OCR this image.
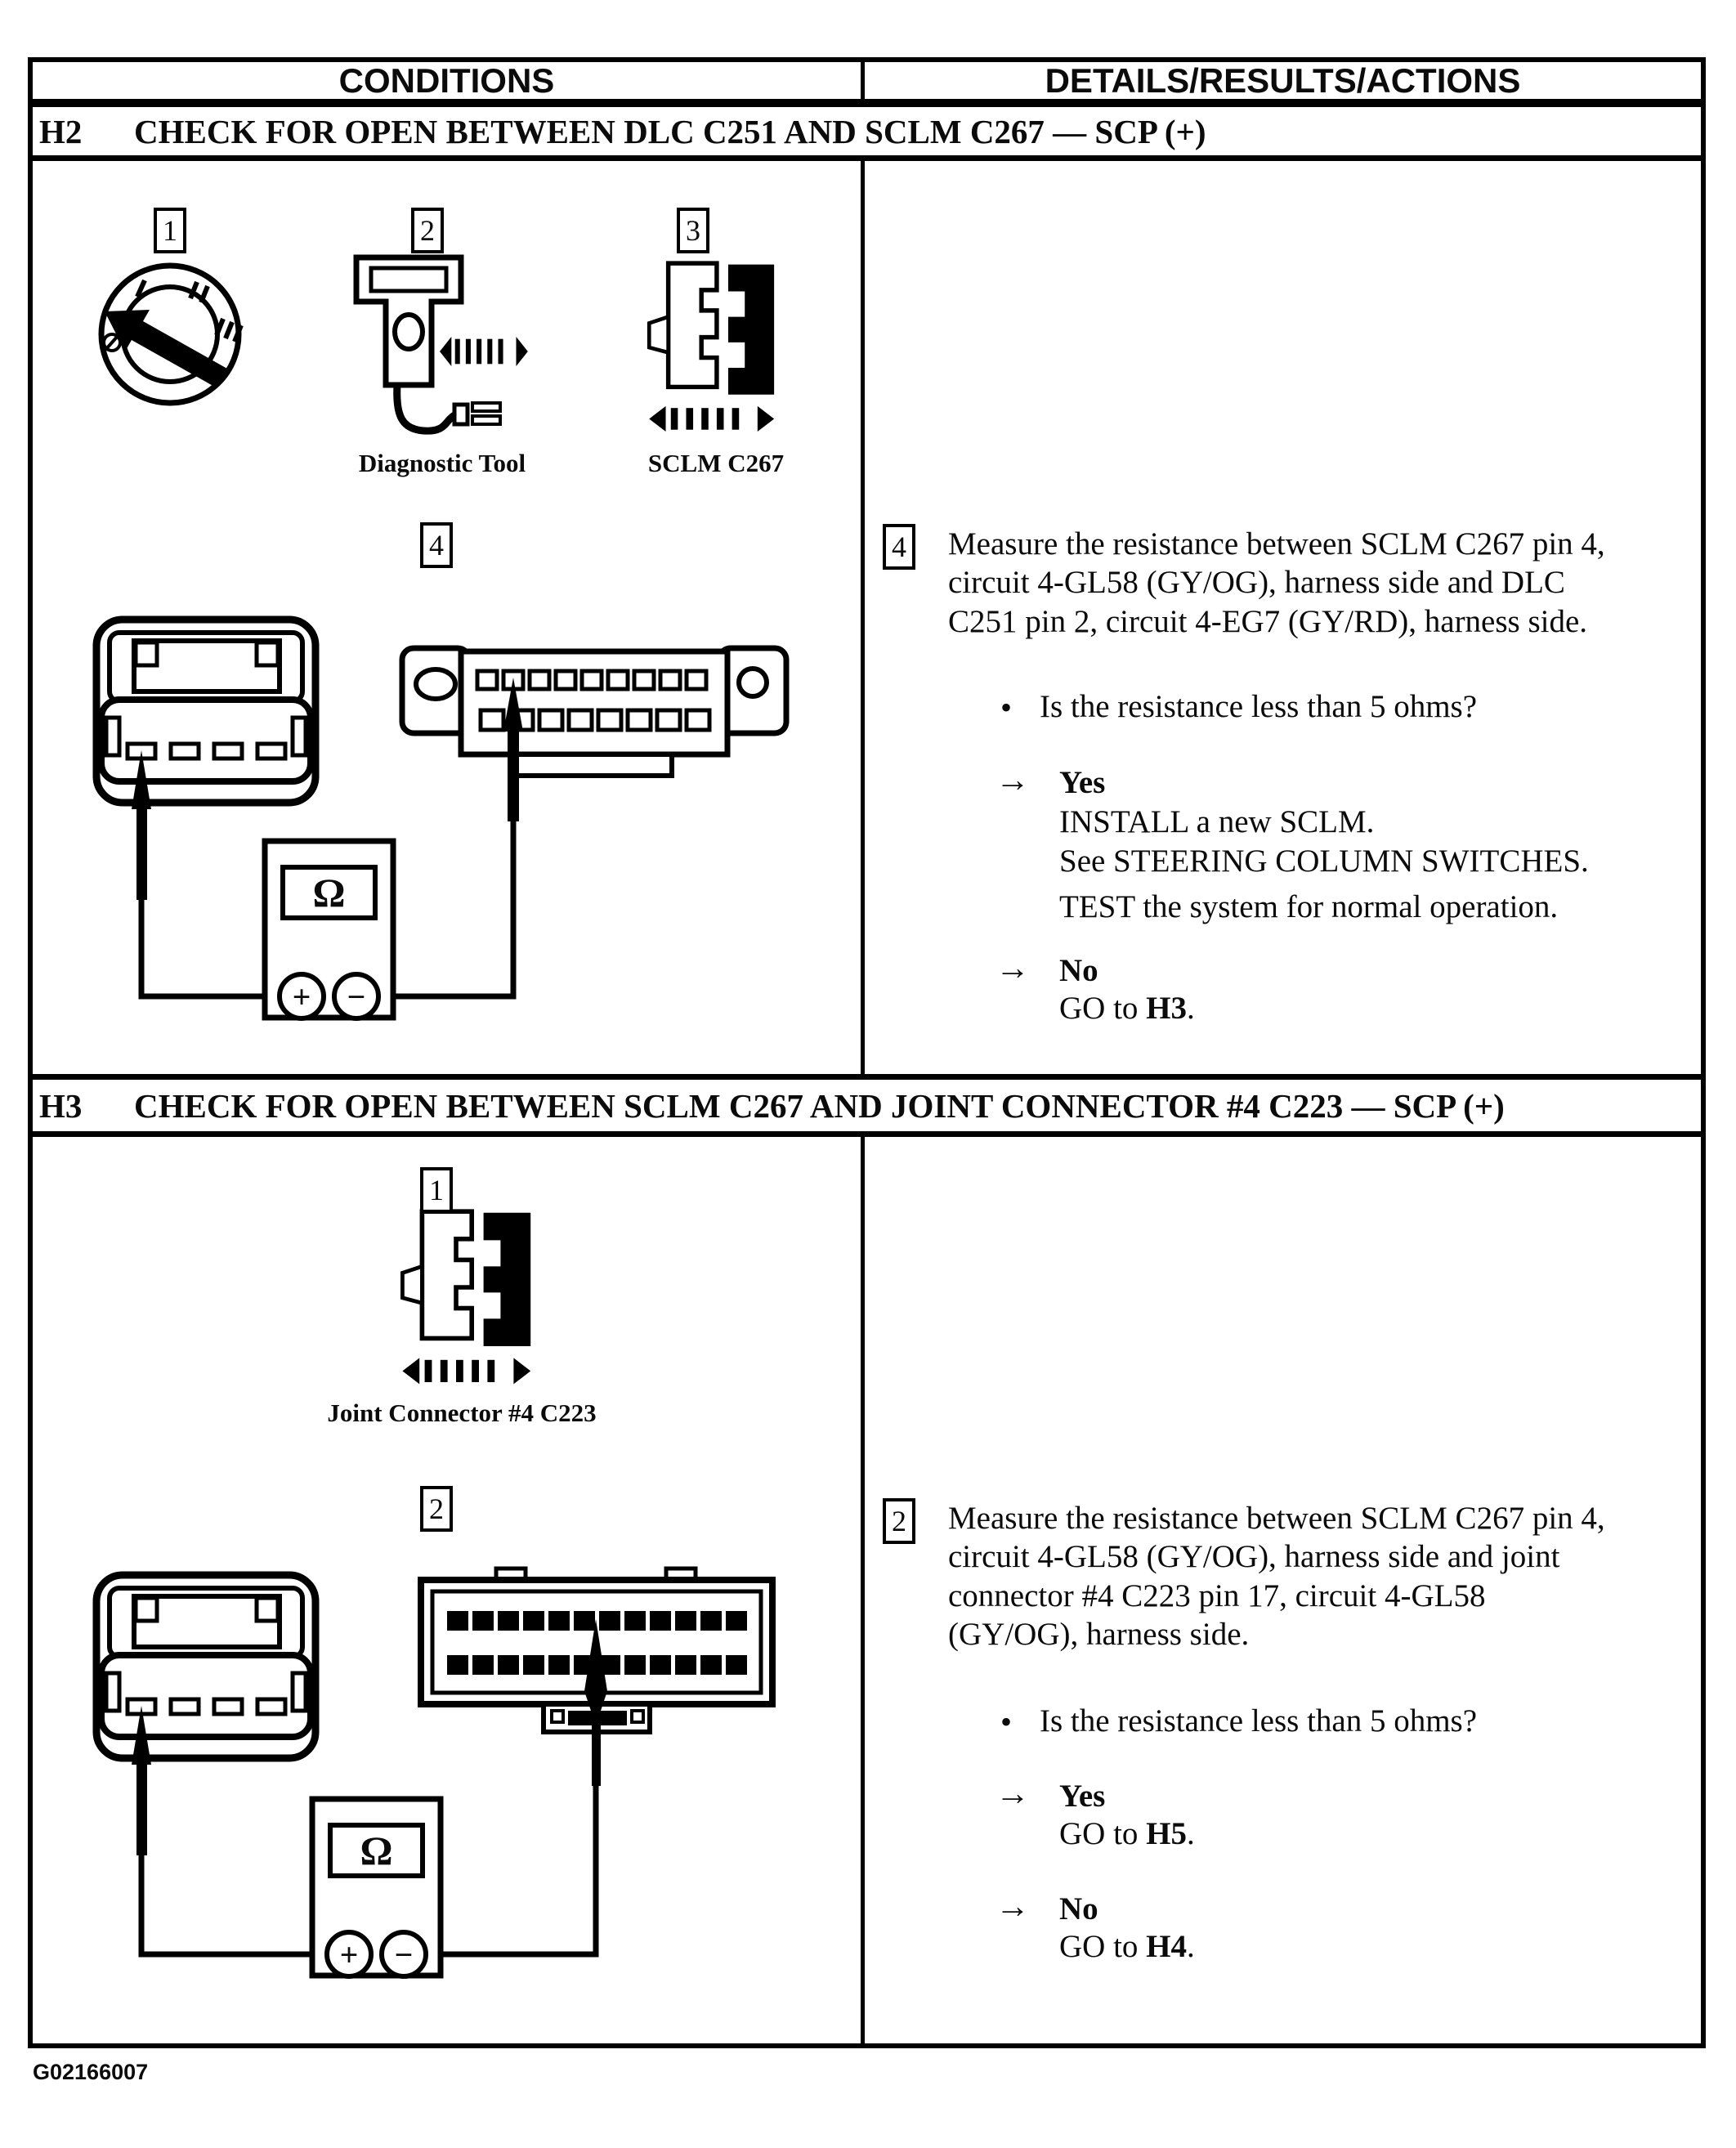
CONDITIONS	DETAILS/RESULTS/ACTIONS
H2	CHECK FOR OPEN BETWEEN DLC C251 AND SCLM C267 — SCP (+)
1	2	3
4
Diagnostic Tool	SCLM C267
Ω
+	−
4 Measure the resistance between SCLM C267 pin 4,
circuit 4-GL58 (GY/OG), harness side and DLC
C251 pin 2, circuit 4-EG7 (GY/RD), harness side.
• Is the resistance less than 5 ohms?
→ Yes
INSTALL a new SCLM.
See STEERING COLUMN SWITCHES.
TEST the system for normal operation.
→ No
GO to H3.
H3	CHECK FOR OPEN BETWEEN SCLM C267 AND JOINT CONNECTOR #4 C223 — SCP (+)
1
2
Joint Connector #4 C223
Ω
+	−
2 Measure the resistance between SCLM C267 pin 4,
circuit 4-GL58 (GY/OG), harness side and joint
connector #4 C223 pin 17, circuit 4-GL58
(GY/OG), harness side.
• Is the resistance less than 5 ohms?
→ Yes
GO to H5.
→ No
GO to H4.
G02166007
